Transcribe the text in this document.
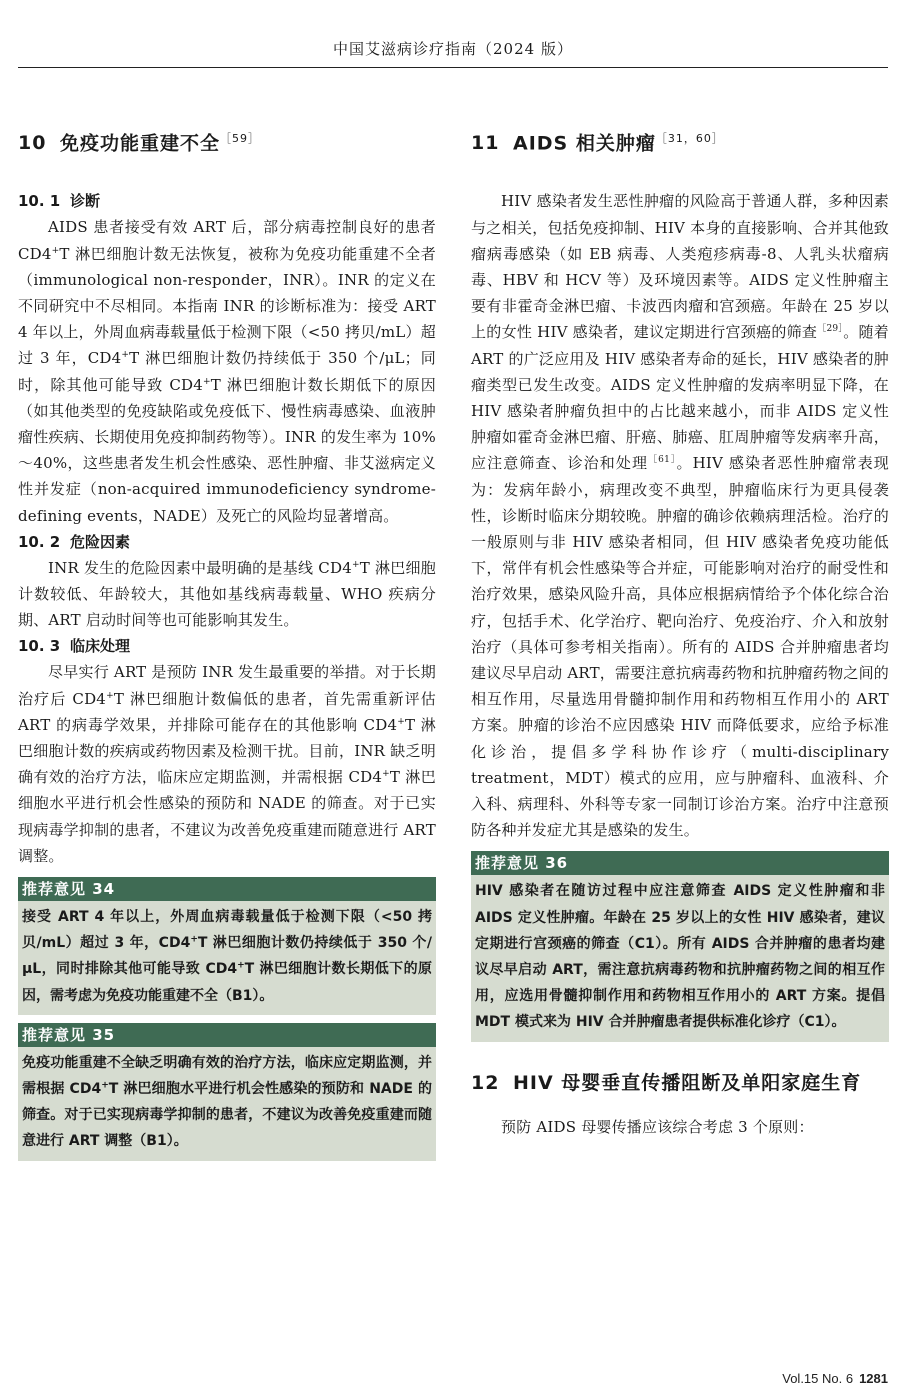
中国艾滋病诊疗指南（2024 版）
10 免疫功能重建不全$^{[59]}$
10. 1 诊断

AIDS 患者接受有效 ART 后，部分病毒控制良好的患者 CD4+T 淋巴细胞计数无法恢复，被称为免疫功能重建不全者（immunological non-responder，INR）。INR 的定义在不同研究中不尽相同。本指南 INR 的诊断标准为：接受 ART 4 年以上，外周血病毒载量低于检测下限（<50 拷贝/mL）超过 3 年，CD4+T 淋巴细胞计数仍持续低于 350 个/μL；同时，除其他可能导致 CD4+T 淋巴细胞计数长期低下的原因（如其他类型的免疫缺陷或免疫低下、慢性病毒感染、血液肿瘤性疾病、长期使用免疫抑制药物等）。INR 的发生率为 10%～40%，这些患者发生机会性感染、恶性肿瘤、非艾滋病定义性并发症（non-acquired immunodeficiency syndrome-defining events，NADE）及死亡的风险均显著增高。

10. 2 危险因素

INR 发生的危险因素中最明确的是基线 CD4+T 淋巴细胞计数较低、年龄较大，其他如基线病毒载量、WHO 疾病分期、ART 启动时间等也可能影响其发生。

10. 3 临床处理

尽早实行 ART 是预防 INR 发生最重要的举措。对于长期治疗后 CD4+T 淋巴细胞计数偏低的患者，首先需重新评估 ART 的病毒学效果，并排除可能存在的其他影响 CD4+T 淋巴细胞计数的疾病或药物因素及检测干扰。目前，INR 缺乏明确有效的治疗方法，临床应定期监测，并需根据 CD4+T 淋巴细胞水平进行机会性感染的预防和 NADE 的筛查。对于已实现病毒学抑制的患者，不建议为改善免疫重建而随意进行 ART 调整。

推荐意见 34
接受 ART 4 年以上，外周血病毒载量低于检测下限（<50 拷贝/mL）超过 3 年，CD4+T 淋巴细胞计数仍持续低于 350 个/μL，同时排除其他可能导致 CD4+T 淋巴细胞计数长期低下的原因，需考虑为免疫功能重建不全（B1）。
推荐意见 35
免疫功能重建不全缺乏明确有效的治疗方法，临床应定期监测，并需根据 CD4+T 淋巴细胞水平进行机会性感染的预防和 NADE 的筛查。对于已实现病毒学抑制的患者，不建议为改善免疫重建而随意进行 ART 调整（B1）。
11 AIDS 相关肿瘤$^{[31,60]}$

HIV 感染者发生恶性肿瘤的风险高于普通人群，多种因素与之相关，包括免疫抑制、HIV 本身的直接影响、合并其他致瘤病毒感染（如 EB 病毒、人类疱疹病毒-8、人乳头状瘤病毒、HBV 和 HCV 等）及环境因素等。AIDS 定义性肿瘤主要有非霍奇金淋巴瘤、卡波西肉瘤和宫颈癌。年龄在 25 岁以上的女性 HIV 感染者，建议定期进行宫颈癌的筛查$^{[29]}$。随着 ART 的广泛应用及 HIV 感染者寿命的延长，HIV 感染者的肿瘤类型已发生改变。AIDS 定义性肿瘤的发病率明显下降，在 HIV 感染者肿瘤负担中的占比越来越小，而非 AIDS 定义性肿瘤如霍奇金淋巴瘤、肝癌、肺癌、肛周肿瘤等发病率升高，应注意筛查、诊治和处理$^{[61]}$。HIV 感染者恶性肿瘤常表现为：发病年龄小，病理改变不典型，肿瘤临床行为更具侵袭性，诊断时临床分期较晚。肿瘤的确诊依赖病理活检。治疗的一般原则与非 HIV 感染者相同，但 HIV 感染者免疫功能低下，常伴有机会性感染等合并症，可能影响对治疗的耐受性和治疗效果，感染风险升高，具体应根据病情给予个体化综合治疗，包括手术、化学治疗、靶向治疗、免疫治疗、介入和放射治疗（具体可参考相关指南）。所有的 AIDS 合并肿瘤患者均建议尽早启动 ART，需要注意抗病毒药物和抗肿瘤药物之间的相互作用，尽量选用骨髓抑制作用和药物相互作用小的 ART 方案。肿瘤的诊治不应因感染 HIV 而降低要求，应给予标准化诊治，提倡多学科协作诊疗（multi-disciplinary treatment，MDT）模式的应用，应与肿瘤科、血液科、介入科、病理科、外科等专家一同制订诊治方案。治疗中注意预防各种并发症尤其是感染的发生。

推荐意见 36
HIV 感染者在随访过程中应注意筛查 AIDS 定义性肿瘤和非 AIDS 定义性肿瘤。年龄在 25 岁以上的女性 HIV 感染者，建议定期进行宫颈癌的筛查（C1）。所有 AIDS 合并肿瘤的患者均建议尽早启动 ART，需注意抗病毒药物和抗肿瘤药物之间的相互作用，应选用骨髓抑制作用和药物相互作用小的 ART 方案。提倡 MDT 模式来为 HIV 合并肿瘤患者提供标准化诊疗（C1）。
12 HIV 母婴垂直传播阻断及单阳家庭生育

预防 AIDS 母婴传播应该综合考虑 3 个原则：

Vol.15 No. 6 1281
